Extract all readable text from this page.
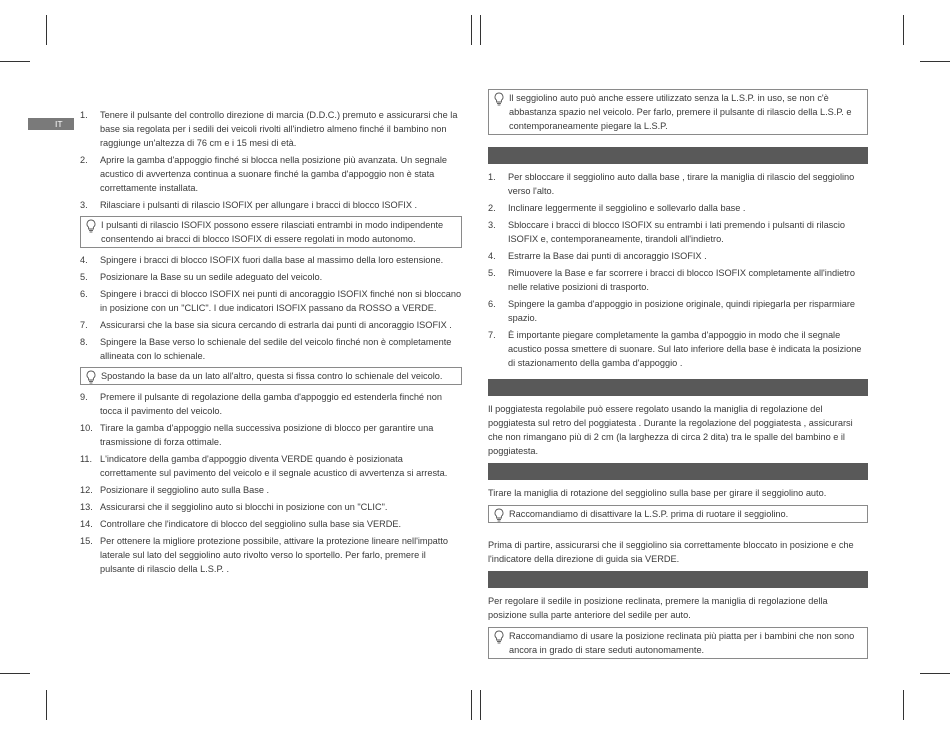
IT
1.	Tenere il pulsante del controllo direzione di marcia (D.D.C.) premuto e assicurarsi che la base sia regolata per i sedili dei veicoli rivolti all'indietro almeno finché il bambino non raggiunge un'altezza di 76 cm e i 15 mesi di età.
2.	Aprire la gamba d'appoggio finché si blocca nella posizione più avanzata. Un segnale acustico di avvertenza continua a suonare finché la gamba d'appoggio non è stata correttamente installata.
3.	Rilasciare i pulsanti di rilascio ISOFIX per allungare i bracci di blocco ISOFIX .
I pulsanti di rilascio ISOFIX possono essere rilasciati entrambi in modo indipendente consentendo ai bracci di blocco ISOFIX di essere regolati in modo autonomo.
4.	Spingere i bracci di blocco ISOFIX fuori dalla base al massimo della loro estensione.
5.	Posizionare la Base su un sedile adeguato del veicolo.
6.	Spingere i bracci di blocco ISOFIX nei punti di ancoraggio ISOFIX finché non si bloccano in posizione con un "CLIC". I due indicatori ISOFIX passano da ROSSO a VERDE.
7.	Assicurarsi che la base sia sicura cercando di estrarla dai punti di ancoraggio ISOFIX .
8.	Spingere la Base verso lo schienale del sedile del veicolo finché non è completamente allineata con lo schienale.
Spostando la base da un lato all'altro, questa si fissa contro lo schienale del veicolo.
9.	Premere il pulsante di regolazione della gamba d'appoggio ed estenderla finché non tocca il pavimento del veicolo.
10. Tirare la gamba d'appoggio nella successiva posizione di blocco per garantire una trasmissione di forza ottimale.
11. L'indicatore della gamba d'appoggio diventa VERDE quando è posizionata correttamente sul pavimento del veicolo e il segnale acustico di avvertenza si arresta.
12. Posizionare il seggiolino auto sulla Base .
13. Assicurarsi che il seggiolino auto si blocchi in posizione con un "CLIC".
14. Controllare che l'indicatore di blocco del seggiolino sulla base sia VERDE.
15. Per ottenere la migliore protezione possibile, attivare la protezione lineare nell'impatto laterale sul lato del seggiolino auto rivolto verso lo sportello. Per farlo, premere il pulsante di rilascio della L.S.P. .
Il seggiolino auto può anche essere utilizzato senza la L.S.P. in uso, se non c'è abbastanza spazio nel veicolo. Per farlo, premere il pulsante di rilascio della L.S.P. e contemporaneamente piegare la L.S.P.
1.	Per sbloccare il seggiolino auto dalla base , tirare la maniglia di rilascio del seggiolino verso l'alto.
2.	Inclinare leggermente il seggiolino e sollevarlo dalla base .
3.	Sbloccare i bracci di blocco ISOFIX su entrambi i lati premendo i pulsanti di rilascio ISOFIX e, contemporaneamente, tirandoli all'indietro.
4.	Estrarre la Base dai punti di ancoraggio ISOFIX .
5.	Rimuovere la Base e far scorrere i bracci di blocco ISOFIX completamente all'indietro nelle relative posizioni di trasporto.
6.	Spingere la gamba d'appoggio in posizione originale, quindi ripiegarla per risparmiare spazio.
7.	È importante piegare completamente la gamba d'appoggio in modo che il segnale acustico possa smettere di suonare. Sul lato inferiore della base è indicata la posizione di stazionamento della gamba d'appoggio .

Il poggiatesta regolabile può essere regolato usando la maniglia di regolazione del poggiatesta sul retro del poggiatesta . Durante la regolazione del poggiatesta , assicurarsi che non rimangano più di 2 cm (la larghezza di circa 2 dita) tra le spalle del bambino e il poggiatesta.

Tirare la maniglia di rotazione del seggiolino sulla base per girare il seggiolino auto.

Raccomandiamo di disattivare la L.S.P. prima di ruotare il seggiolino.

Prima di partire, assicurarsi che il seggiolino sia correttamente bloccato in posizione e che l'indicatore della direzione di guida sia VERDE.

Per regolare il sedile in posizione reclinata, premere la maniglia di regolazione della posizione sulla parte anteriore del sedile per auto.

Raccomandiamo di usare la posizione reclinata più piatta per i bambini che non sono ancora in grado di stare seduti autonomamente.
